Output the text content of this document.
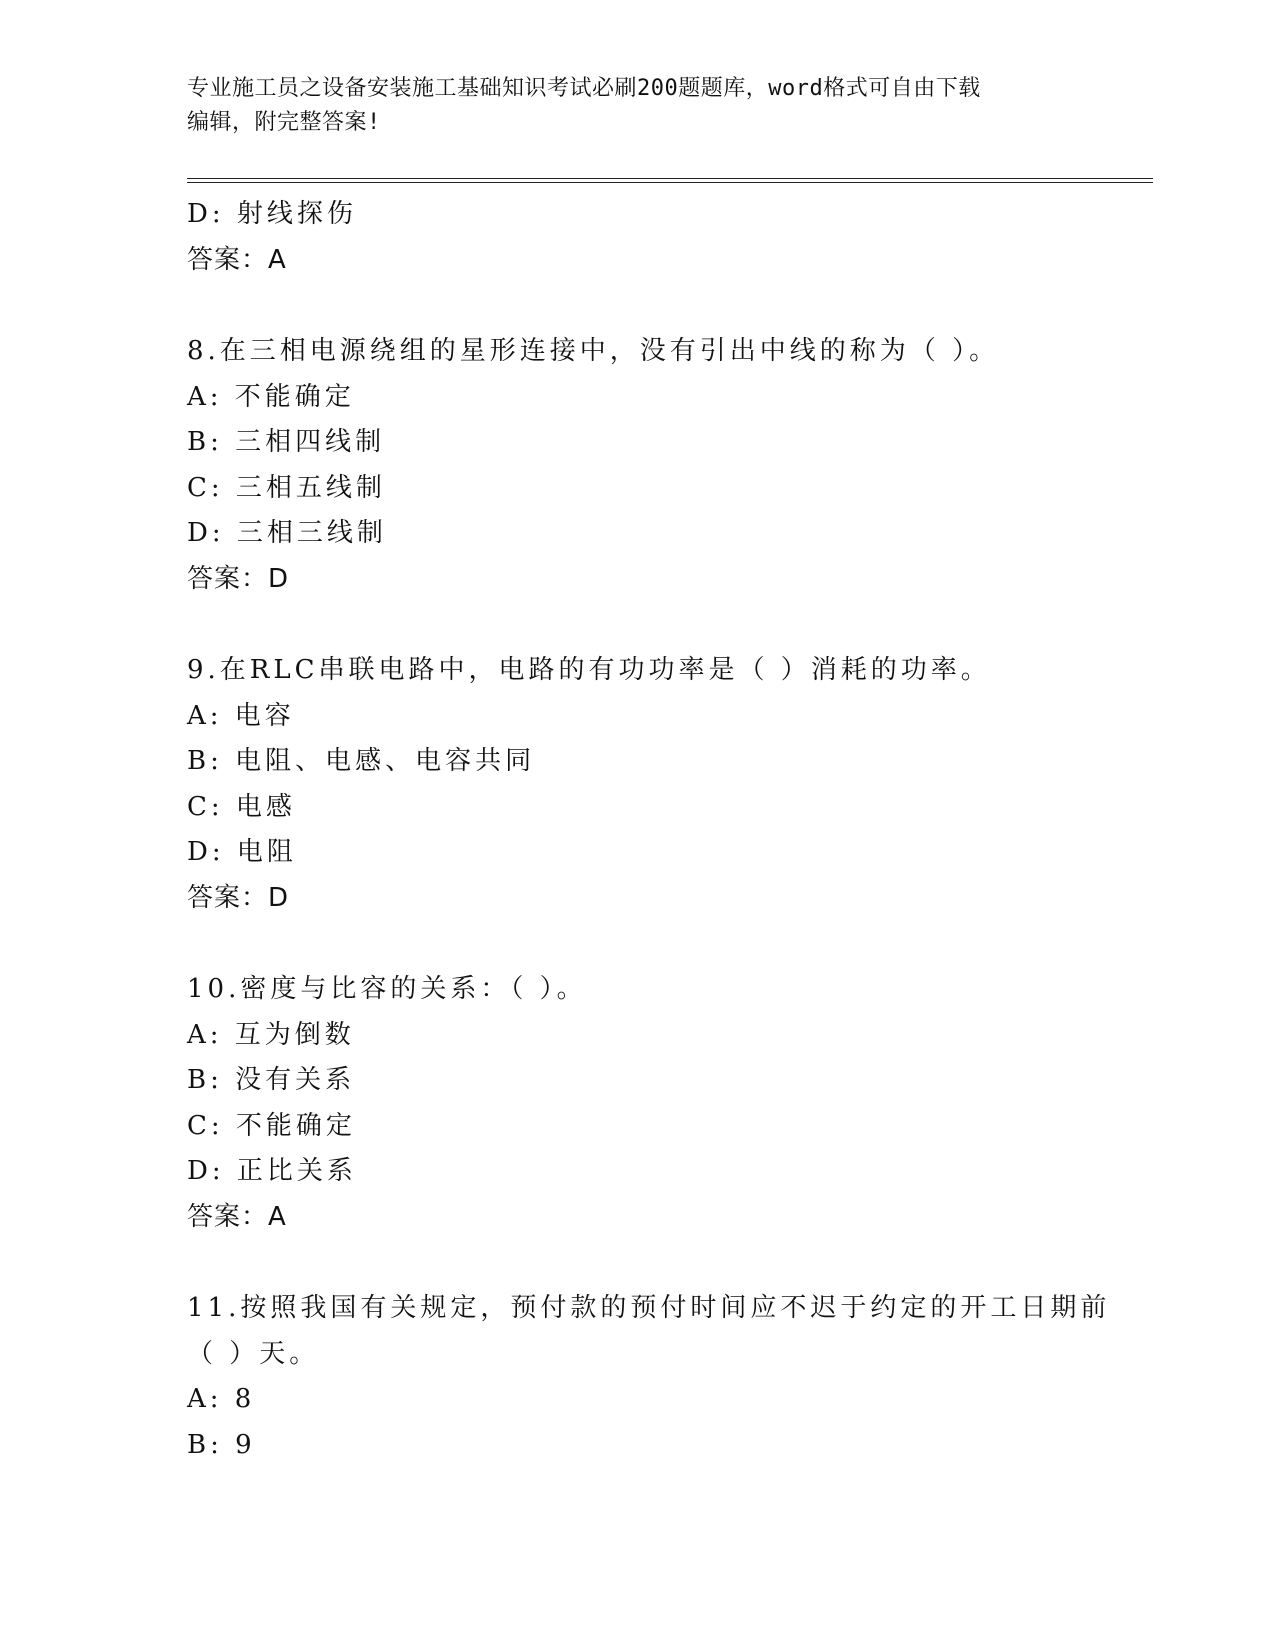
专业施工员之设备安装施工基础知识考试必刷200题题库，word格式可自由下载
编辑，附完整答案!
D: 射线探伤
答案：A
8.在三相电源绕组的星形连接中，没有引出中线的称为（ ）。
A: 不能确定
B: 三相四线制
C: 三相五线制
D: 三相三线制
答案：D
9.在RLC串联电路中，电路的有功功率是（ ）消耗的功率。
A: 电容
B: 电阻、电感、电容共同
C: 电感
D: 电阻
答案：D
10.密度与比容的关系：（ ）。
A: 互为倒数
B: 没有关系
C: 不能确定
D: 正比关系
答案：A
11.按照我国有关规定，预付款的预付时间应不迟于约定的开工日期前
（ ）天。
A: 8
B: 9
